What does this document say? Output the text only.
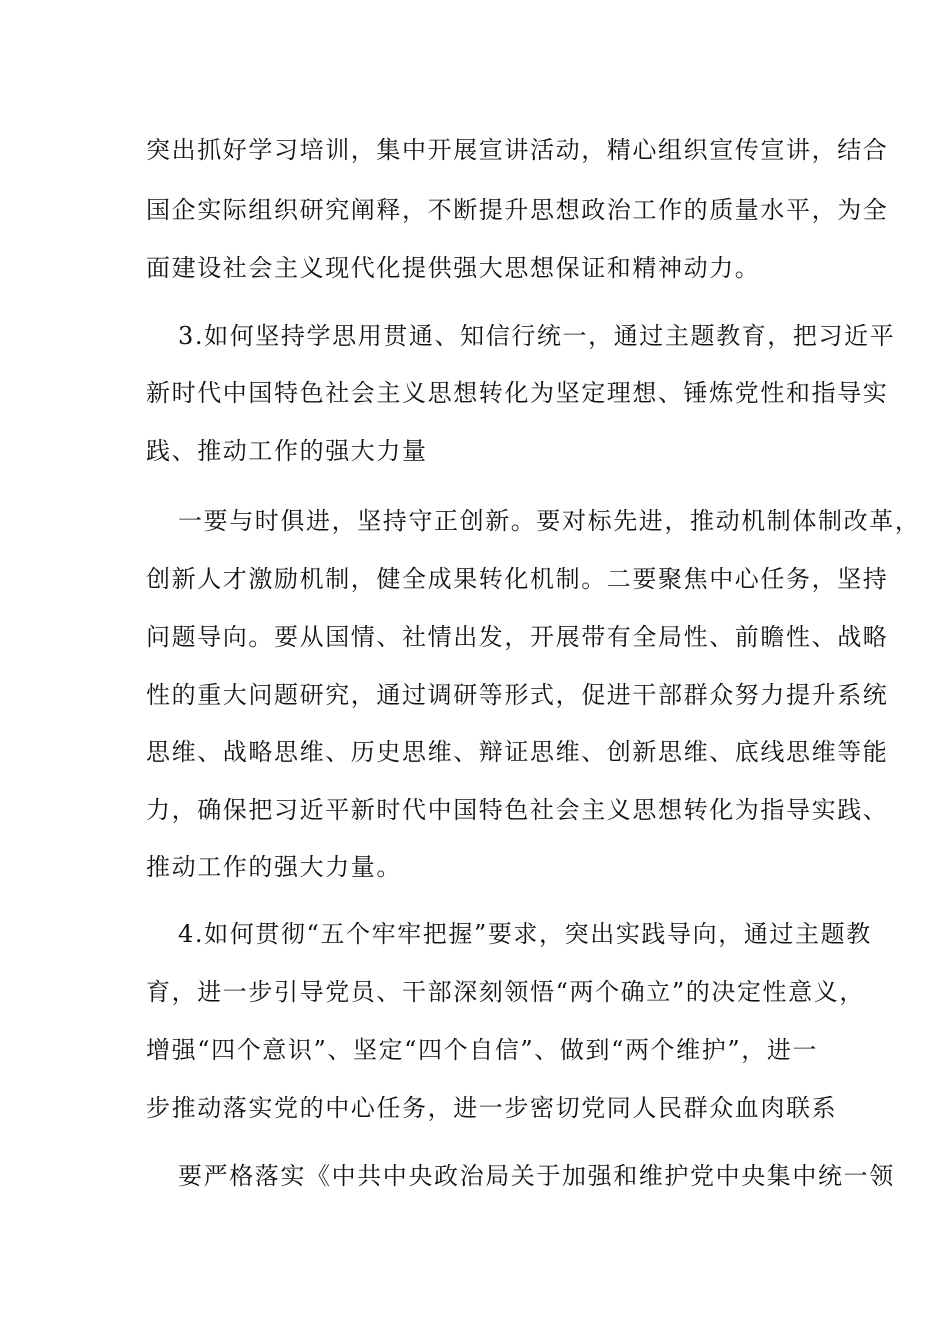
突出抓好学习培训，集中开展宣讲活动，精心组织宣传宣讲，结合
国企实际组织研究阐释，不断提升思想政治工作的质量水平，为全
面建设社会主义现代化提供强大思想保证和精神动力。
3.如何坚持学思用贯通、知信行统一，通过主题教育，把习近平
新时代中国特色社会主义思想转化为坚定理想、锤炼党性和指导实
践、推动工作的强大力量
一要与时俱进，坚持守正创新。要对标先进，推动机制体制改革，
创新人才激励机制，健全成果转化机制。二要聚焦中心任务，坚持
问题导向。要从国情、社情出发，开展带有全局性、前瞻性、战略
性的重大问题研究，通过调研等形式，促进干部群众努力提升系统
思维、战略思维、历史思维、辩证思维、创新思维、底线思维等能
力，确保把习近平新时代中国特色社会主义思想转化为指导实践、
推动工作的强大力量。
4.如何贯彻“五个牢牢把握”要求，突出实践导向，通过主题教
育，进一步引导党员、干部深刻领悟“两个确立”的决定性意义，
增强“四个意识”、坚定“四个自信”、做到“两个维护”，进一
步推动落实党的中心任务，进一步密切党同人民群众血肉联系
要严格落实《中共中央政治局关于加强和维护党中央集中统一领
